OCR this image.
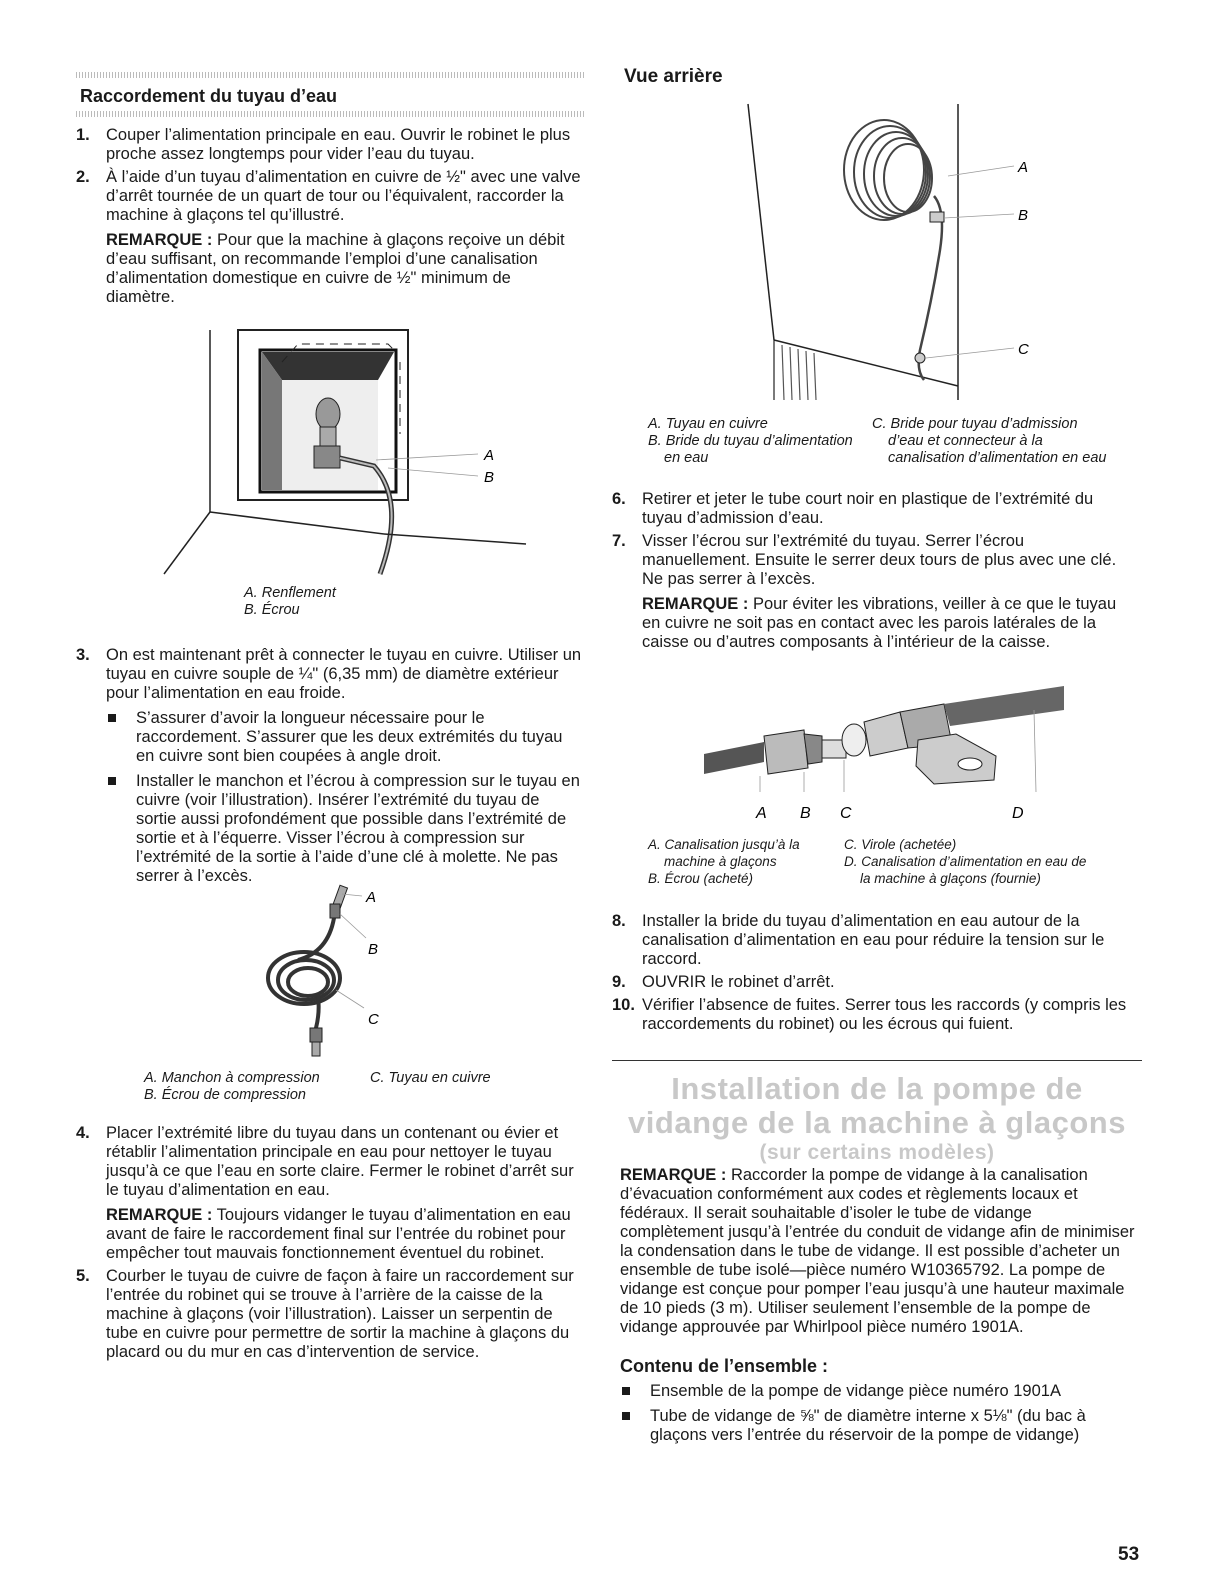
Raccordement du tuyau d’eau
1. Couper l’alimentation principale en eau. Ouvrir le robinet le plus proche assez longtemps pour vider l’eau du tuyau.
2. À l’aide d’un tuyau d’alimentation en cuivre de ½" avec une valve d’arrêt tournée de un quart de tour ou l’équivalent, raccorder la machine à glaçons tel qu’illustré.

REMARQUE : Pour que la machine à glaçons reçoive un débit d’eau suffisant, on recommande l’emploi d’une canalisation d’alimentation domestique en cuivre de ½" minimum de diamètre.

A
B
A. Renflement
B. Écrou
3. On est maintenant prêt à connecter le tuyau en cuivre. Utiliser un tuyau en cuivre souple de ¼" (6,35 mm) de diamètre extérieur pour l’alimentation en eau froide.
S’assurer d’avoir la longueur nécessaire pour le raccordement. S’assurer que les deux extrémités du tuyau en cuivre sont bien coupées à angle droit.
Installer le manchon et l’écrou à compression sur le tuyau en cuivre (voir l’illustration). Insérer l’extrémité du tuyau de sortie aussi profondément que possible dans l’extrémité de sortie et à l’équerre. Visser l’écrou à compression sur l’extrémité de la sortie à l’aide d’une clé à molette. Ne pas serrer à l’excès.
A
B
C
A. Manchon à compression
B. Écrou de compression
C. Tuyau en cuivre
4. Placer l’extrémité libre du tuyau dans un contenant ou évier et rétablir l’alimentation principale en eau pour nettoyer le tuyau jusqu’à ce que l’eau en sorte claire. Fermer le robinet d’arrêt sur le tuyau d’alimentation en eau.

REMARQUE : Toujours vidanger le tuyau d’alimentation en eau avant de faire le raccordement final sur l’entrée du robinet pour empêcher tout mauvais fonctionnement éventuel du robinet.

5. Courber le tuyau de cuivre de façon à faire un raccordement sur l’entrée du robinet qui se trouve à l’arrière de la caisse de la machine à glaçons (voir l’illustration). Laisser un serpentin de tube en cuivre pour permettre de sortir la machine à glaçons du placard ou du mur en cas d’intervention de service.
Vue arrière
A
B
C
A. Tuyau en cuivre
B. Bride du tuyau d’alimentation
en eau
C. Bride pour tuyau d’admission
d’eau et connecteur à la
canalisation d’alimentation en eau
6. Retirer et jeter le tube court noir en plastique de l’extrémité du tuyau d’admission d’eau.
7. Visser l’écrou sur l’extrémité du tuyau. Serrer l’écrou manuellement. Ensuite le serrer deux tours de plus avec une clé. Ne pas serrer à l’excès.

REMARQUE : Pour éviter les vibrations, veiller à ce que le tuyau en cuivre ne soit pas en contact avec les parois latérales de la caisse ou d’autres composants à l’intérieur de la caisse.

A B C	D
A. Canalisation jusqu’à la
machine à glaçons
B. Écrou (acheté)
C. Virole (achetée)
D. Canalisation d’alimentation en eau de
la machine à glaçons (fournie)
8. Installer la bride du tuyau d’alimentation en eau autour de la canalisation d’alimentation en eau pour réduire la tension sur le raccord.
9. OUVRIR le robinet d’arrêt.
10. Vérifier l’absence de fuites. Serrer tous les raccords (y compris les raccordements du robinet) ou les écrous qui fuient.
Installation de la pompe de
vidange de la machine à glaçons
(sur certains modèles)

REMARQUE : Raccorder la pompe de vidange à la canalisation d’évacuation conformément aux codes et règlements locaux et fédéraux. Il serait souhaitable d’isoler le tube de vidange complètement jusqu’à l’entrée du conduit de vidange afin de minimiser la condensation dans le tube de vidange. Il est possible d’acheter un ensemble de tube isolé—pièce numéro W10365792. La pompe de vidange est conçue pour pomper l’eau jusqu’à une hauteur maximale de 10 pieds (3 m). Utiliser seulement l’ensemble de la pompe de vidange approuvée par Whirlpool pièce numéro 1901A.

Contenu de l’ensemble :
Ensemble de la pompe de vidange pièce numéro 1901A
Tube de vidange de ⅝" de diamètre interne x 5⅛" (du bac à glaçons vers l’entrée du réservoir de la pompe de vidange)
53
